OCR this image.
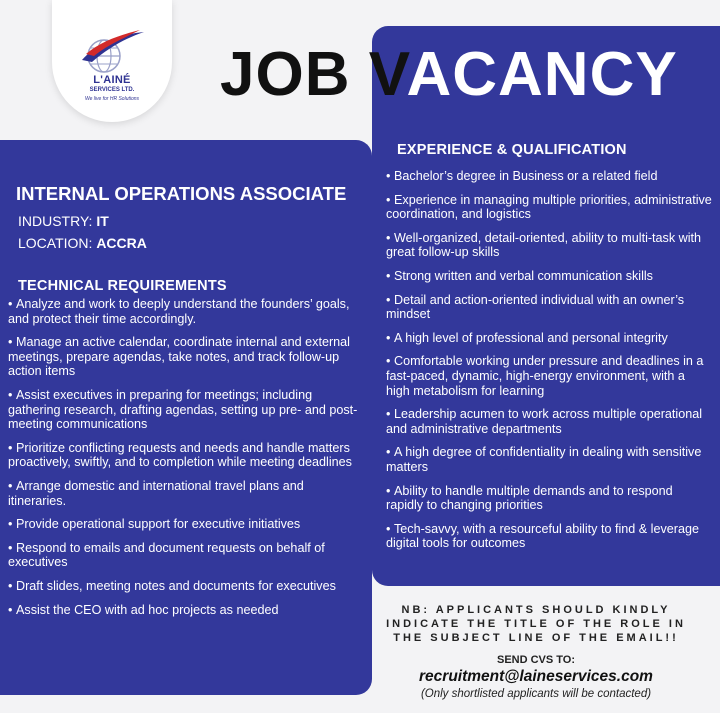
L'AINÉ
SERVICES LTD.
We live for HR Solutions	JOB VACANCY
INTERNAL OPERATIONS ASSOCIATE
INDUSTRY: IT
LOCATION: ACCRA
TECHNICAL REQUIREMENTS
• Analyze and work to deeply understand the founders’ goals, and protect their time accordingly.
• Manage an active calendar, coordinate internal and external meetings, prepare agendas, take notes, and track follow-up action items
• Assist executives in preparing for meetings; including gathering research, drafting agendas, setting up pre- and post-meeting communications
• Prioritize conflicting requests and needs and handle matters proactively, swiftly, and to completion while meeting deadlines
• Arrange domestic and international travel plans and itineraries.
• Provide operational support for executive initiatives
• Respond to emails and document requests on behalf of executives
• Draft slides, meeting notes and documents for executives
• Assist the CEO with ad hoc projects as needed
EXPERIENCE & QUALIFICATION
• Bachelor’s degree in Business or a related field
• Experience in managing multiple priorities, administrative coordination, and logistics
• Well-organized, detail-oriented, ability to multi-task with great follow-up skills
• Strong written and verbal communication skills
• Detail and action-oriented individual with an owner’s mindset
• A high level of professional and personal integrity
• Comfortable working under pressure and deadlines in a fast-paced, dynamic, high-energy environment, with a high metabolism for learning
• Leadership acumen to work across multiple operational and administrative departments
• A high degree of confidentiality in dealing with sensitive matters
• Ability to handle multiple demands and to respond rapidly to changing priorities
• Tech-savvy, with a resourceful ability to find & leverage digital tools for outcomes
NB: APPLICANTS SHOULD KINDLY
INDICATE THE TITLE OF THE ROLE IN
THE SUBJECT LINE OF THE EMAIL!!
SEND CVS TO:
recruitment@laineservices.com
(Only shortlisted applicants will be contacted)
